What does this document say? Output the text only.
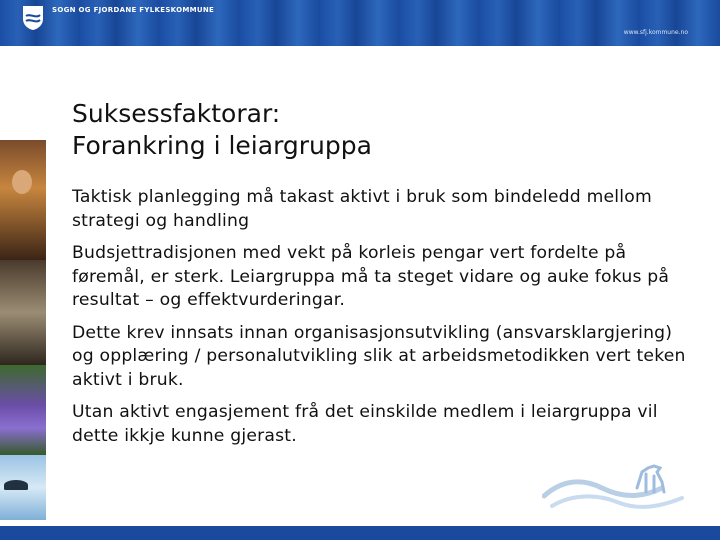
SOGN OG FJORDANE FYLKESKOMMUNE
www.sfj.kommune.no
Suksessfaktorar:
Forankring i leiargruppa

Taktisk planlegging må takast aktivt i bruk som bindeledd mellom strategi og handling

Budsjettradisjonen med vekt på korleis pengar vert fordelte på føremål, er sterk. Leiargruppa må ta steget vidare og auke fokus på resultat – og effektvurderingar.

Dette krev innsats innan organisasjonsutvikling (ansvarsklargjering) og opplæring / personalutvikling slik at arbeidsmetodikken vert teken aktivt i bruk.

Utan aktivt engasjement frå det einskilde medlem i leiargruppa vil dette ikkje kunne gjerast.
